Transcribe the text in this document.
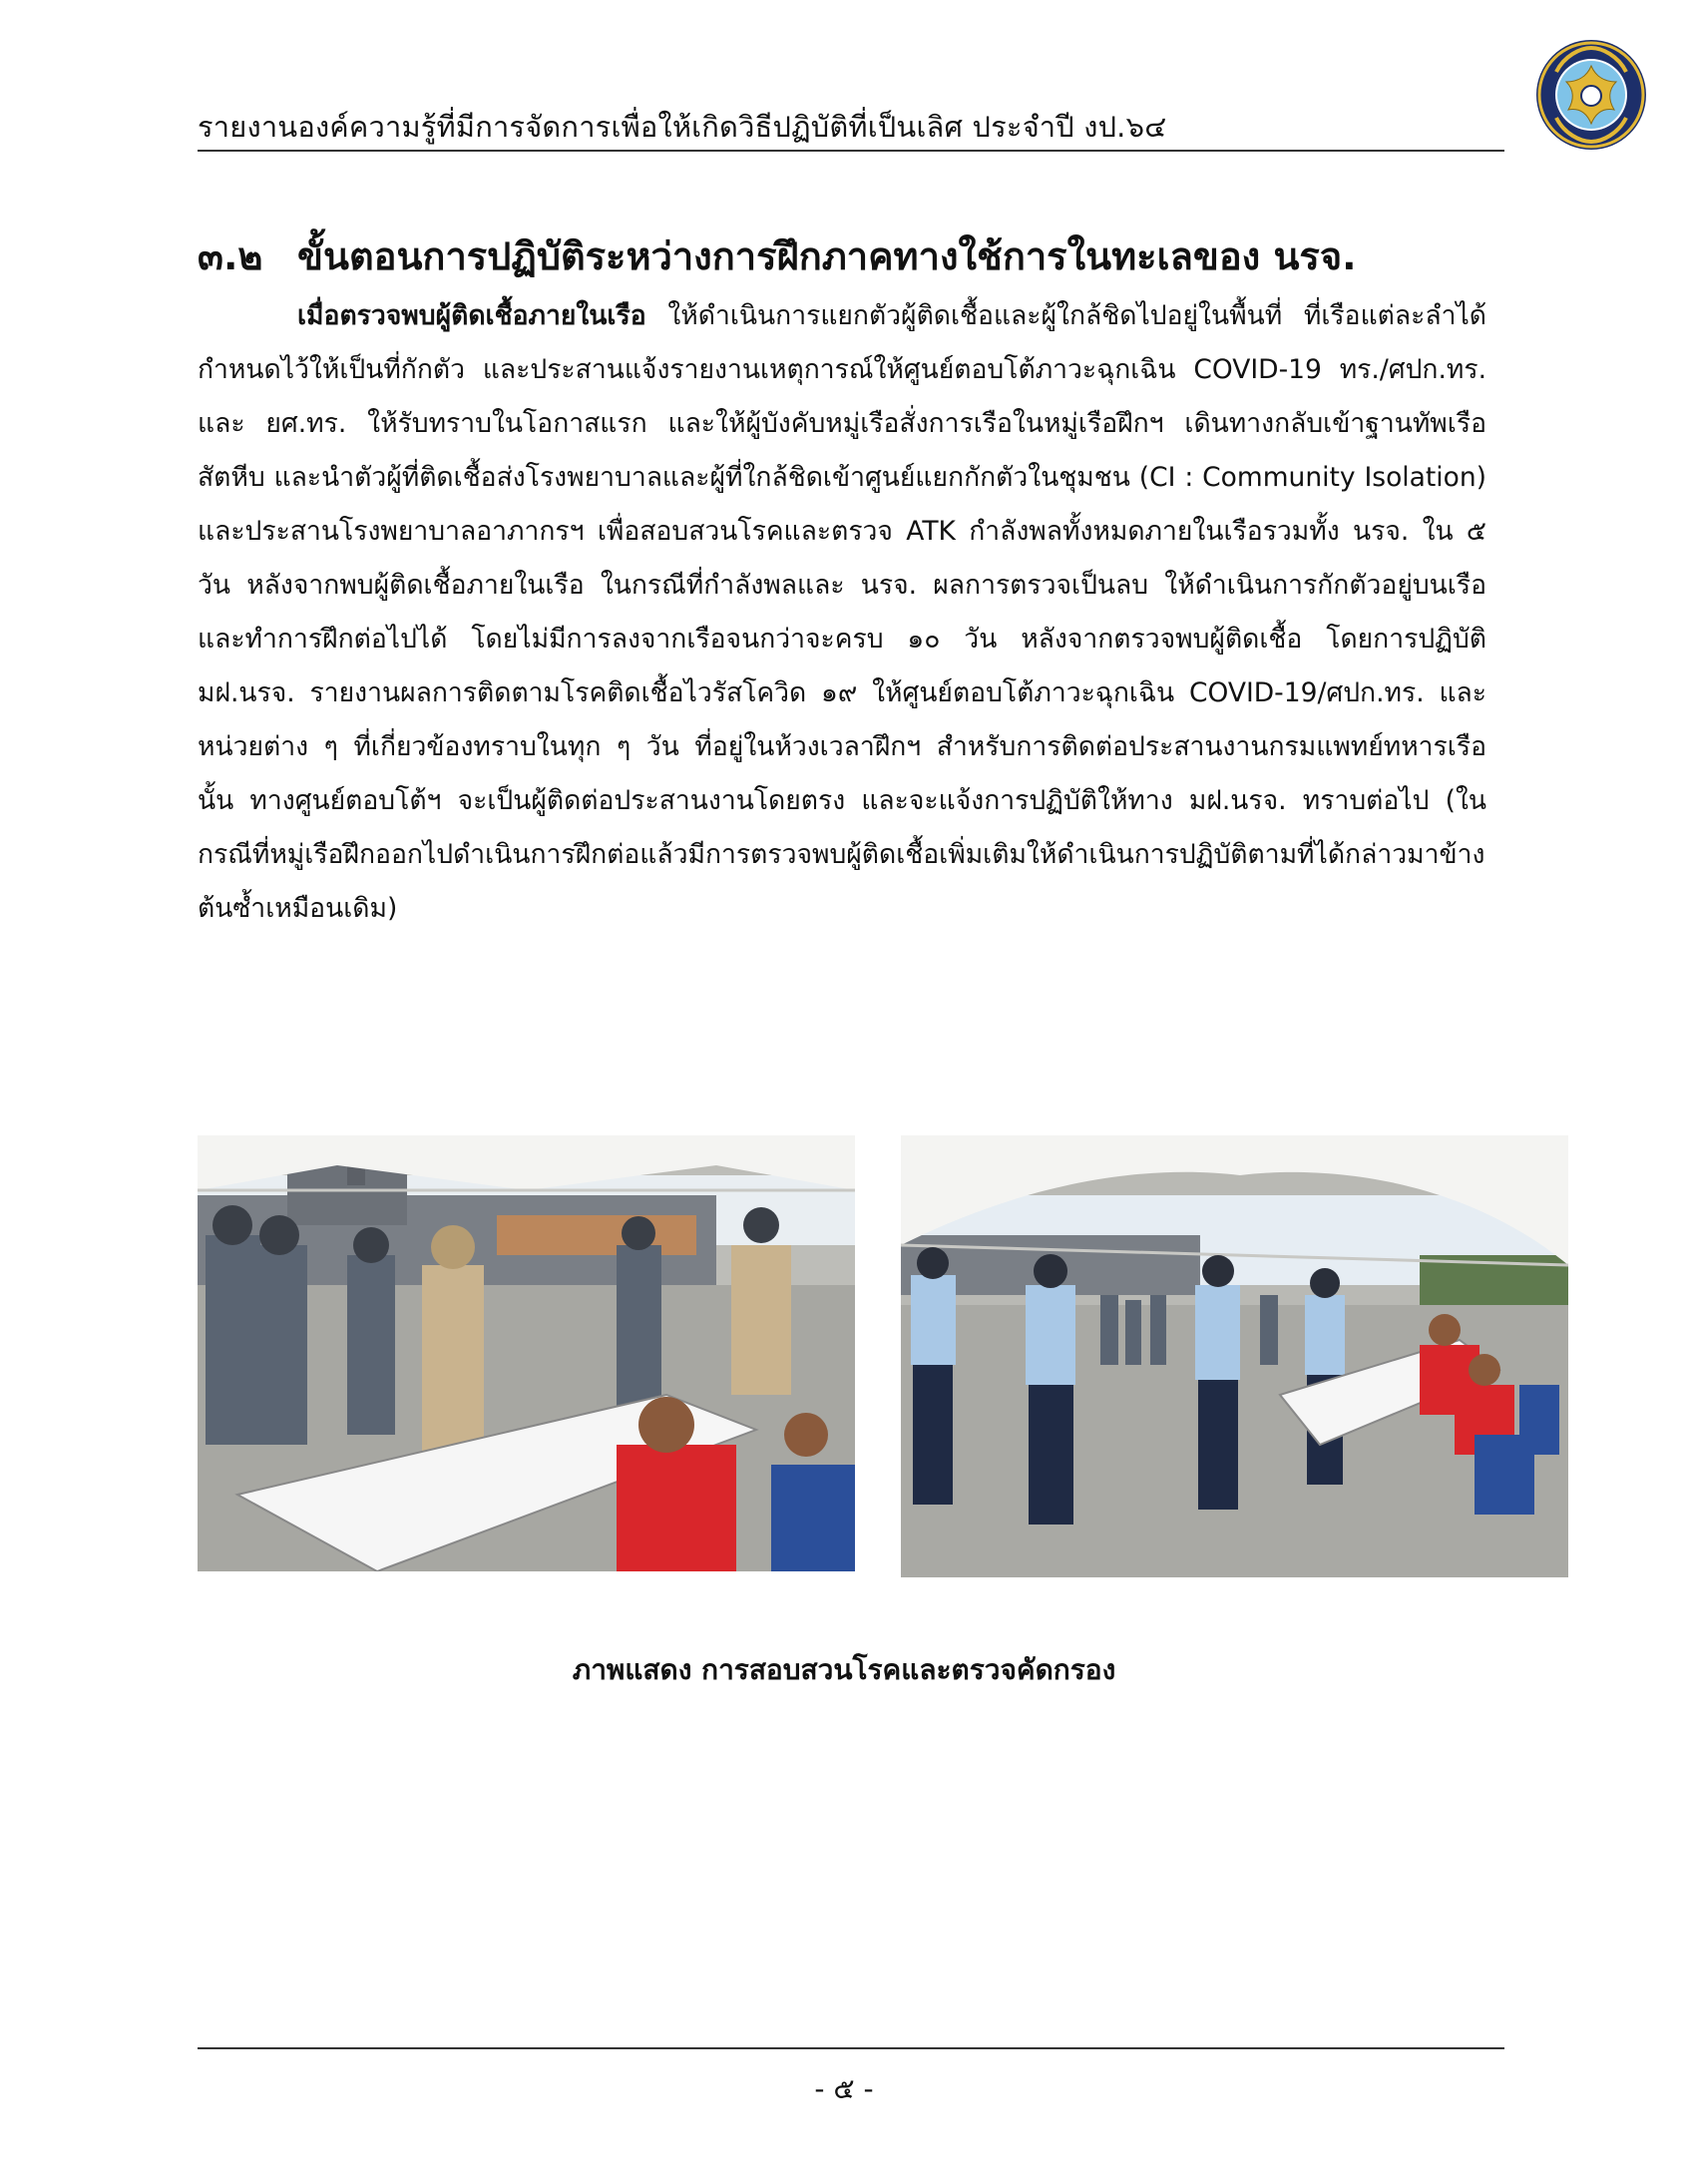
รายงานองค์ความรู้ที่มีการจัดการเพื่อให้เกิดวิธีปฏิบัติที่เป็นเลิศ ประจำปี งป.๖๔
๓.๒ ขั้นตอนการปฏิบัติระหว่างการฝึกภาคทางใช้การในทะเลของ นรจ.
เมื่อตรวจพบผู้ติดเชื้อภายในเรือ ให้ดำเนินการแยกตัวผู้ติดเชื้อและผู้ใกล้ชิดไปอยู่ในพื้นที่ ที่เรือแต่ละลำได้กำหนดไว้ให้เป็นที่กักตัว และประสานแจ้งรายงานเหตุการณ์ให้ศูนย์ตอบโต้ภาวะฉุกเฉิน COVID-19 ทร./ศปก.ทร. และ ยศ.ทร. ให้รับทราบในโอกาสแรก และให้ผู้บังคับหมู่เรือสั่งการเรือในหมู่เรือฝึกฯ เดินทางกลับเข้าฐานทัพเรือสัตหีบ และนำตัวผู้ที่ติดเชื้อส่งโรงพยาบาลและผู้ที่ใกล้ชิดเข้าศูนย์แยกกักตัวในชุมชน (CI : Community Isolation) และประสานโรงพยาบาลอาภากรฯ เพื่อสอบสวนโรคและตรวจ ATK กำลังพลทั้งหมดภายในเรือรวมทั้ง นรจ. ใน ๕ วัน หลังจากพบผู้ติดเชื้อภายในเรือ ในกรณีที่กำลังพลและ นรจ. ผลการตรวจเป็นลบ ให้ดำเนินการกักตัวอยู่บนเรือ และทำการฝึกต่อไปได้ โดยไม่มีการลงจากเรือจนกว่าจะครบ ๑๐ วัน หลังจากตรวจพบผู้ติดเชื้อ โดยการปฏิบัติ มฝ.นรจ. รายงานผลการติดตามโรคติดเชื้อไวรัสโควิด ๑๙ ให้ศูนย์ตอบโต้ภาวะฉุกเฉิน COVID-19/ศปก.ทร. และหน่วยต่าง ๆ ที่เกี่ยวข้องทราบในทุก ๆ วัน ที่อยู่ในห้วงเวลาฝึกฯ สำหรับการติดต่อประสานงานกรมแพทย์ทหารเรือ นั้น ทางศูนย์ตอบโต้ฯ จะเป็นผู้ติดต่อประสานงานโดยตรง และจะแจ้งการปฏิบัติให้ทาง มฝ.นรจ. ทราบต่อไป (ในกรณีที่หมู่เรือฝึกออกไปดำเนินการฝึกต่อแล้วมีการตรวจพบผู้ติดเชื้อเพิ่มเติมให้ดำเนินการปฏิบัติตามที่ได้กล่าวมาข้างต้นซ้ำเหมือนเดิม)
ภาพแสดง การสอบสวนโรคและตรวจคัดกรอง
- ๕ -
